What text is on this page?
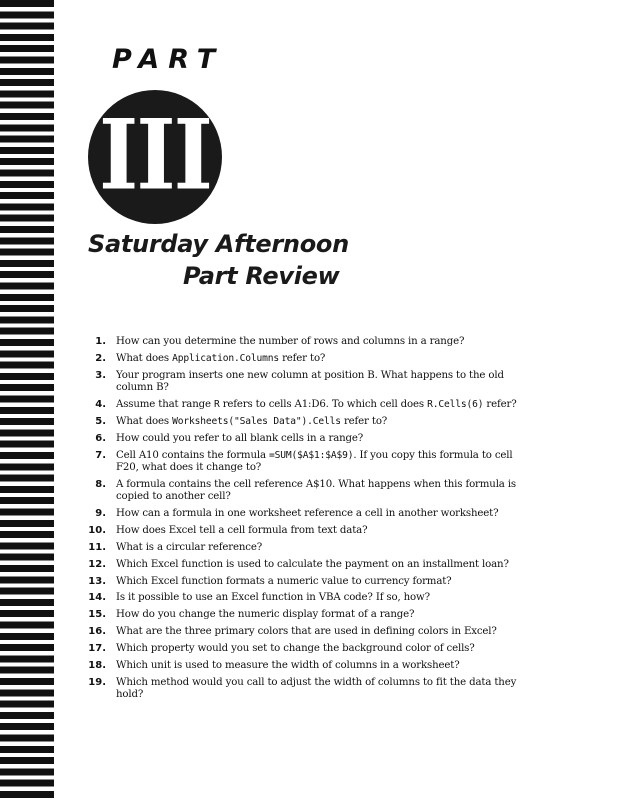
PART
III
Saturday Afternoon
Part Review
1. How can you determine the number of rows and columns in a range?
2. What does Application.Columns refer to?
3. Your program inserts one new column at position B. What happens to the old column B?
4. Assume that range R refers to cells A1:D6. To which cell does R.Cells(6) refer?
5. What does Worksheets("Sales Data").Cells refer to?
6. How could you refer to all blank cells in a range?
7. Cell A10 contains the formula =SUM($A$1:$A$9). If you copy this formula to cell F20, what does it change to?
8. A formula contains the cell reference A$10. What happens when this formula is copied to another cell?
9. How can a formula in one worksheet reference a cell in another worksheet?
10. How does Excel tell a cell formula from text data?
11. What is a circular reference?
12. Which Excel function is used to calculate the payment on an installment loan?
13. Which Excel function formats a numeric value to currency format?
14. Is it possible to use an Excel function in VBA code? If so, how?
15. How do you change the numeric display format of a range?
16. What are the three primary colors that are used in defining colors in Excel?
17. Which property would you set to change the background color of cells?
18. Which unit is used to measure the width of columns in a worksheet?
19. Which method would you call to adjust the width of columns to fit the data they hold?
